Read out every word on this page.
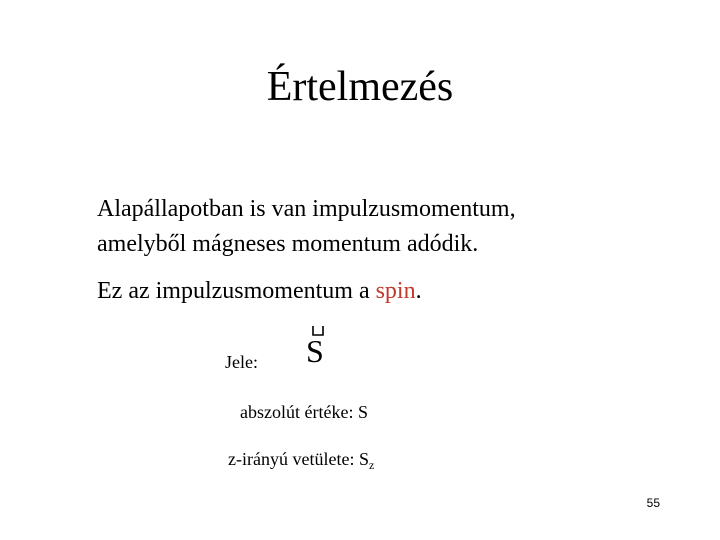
Értelmezés
Alapállapotban is van impulzusmomentum,
amelyből mágneses momentum adódik.
Ez az impulzusmomentum a spin.
Jele: S
abszolút értéke: S
z-irányú vetülete: $S_z$
55
